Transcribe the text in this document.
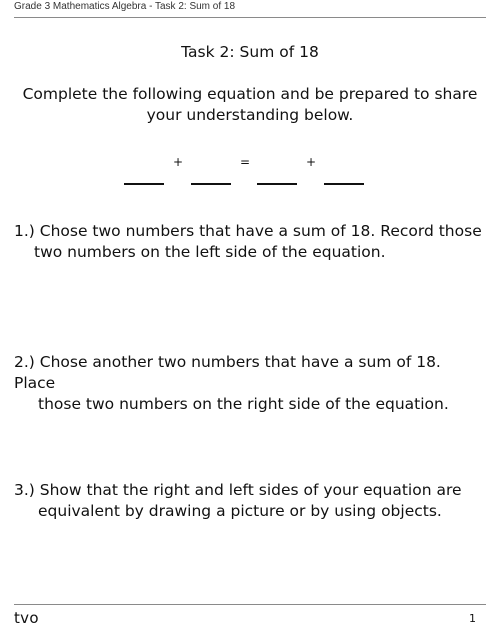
Grade 3 Mathematics Algebra - Task 2: Sum of 18
Task 2: Sum of 18
Complete the following equation and be prepared to share
your understanding below.
+	=	+
1.) Chose two numbers that have a sum of 18. Record those
two numbers on the left side of the equation.
2.) Chose another two numbers that have a sum of 18. Place
those two numbers on the right side of the equation.
3.) Show that the right and left sides of your equation are
equivalent by drawing a picture or by using objects.
tvo	1
